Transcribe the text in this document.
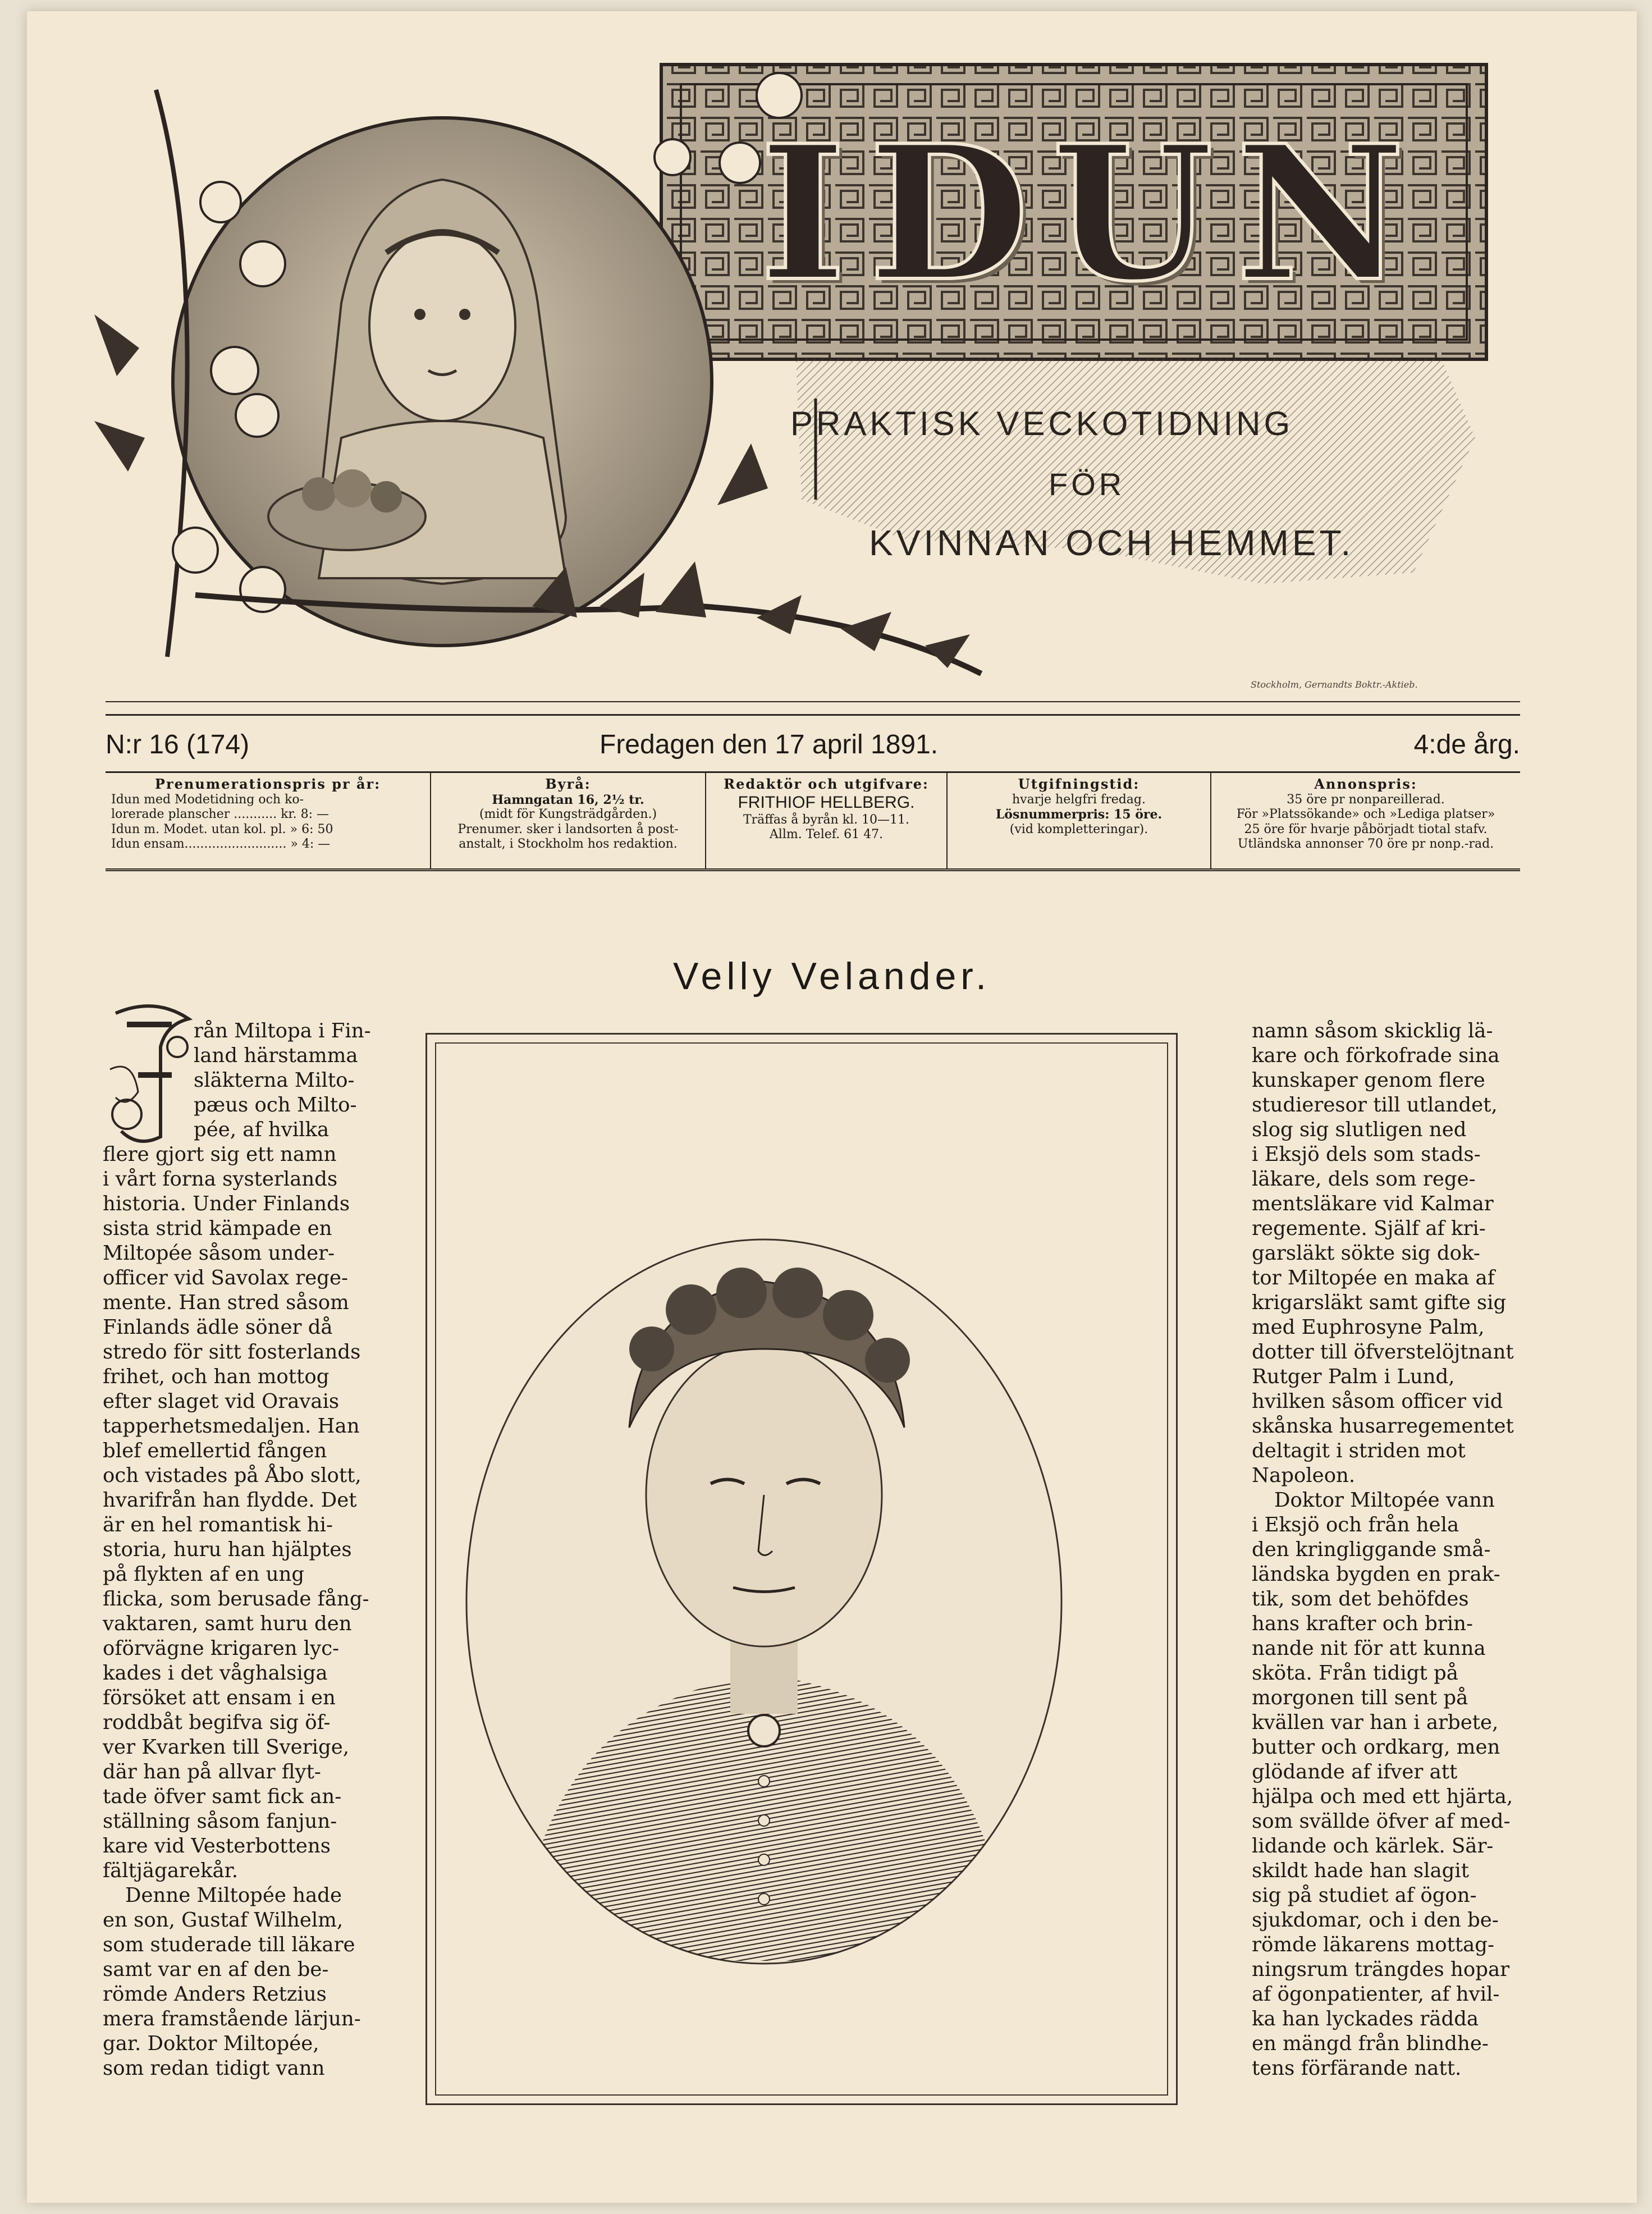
IDUN
PRAKTISK VECKOTIDNING
FÖR
KVINNAN OCH HEMMET.
Stockholm, Gernandts Boktr.-Aktieb.
N:r 16 (174)	Fredagen den 17 april 1891.	4:de årg.
Prenumerationspris pr år:
Idun med Modetidning och ko-
lorerade planscher ........... kr. 8: —
Idun m. Modet. utan kol. pl. » 6: 50
Idun ensam.......................... » 4: —
Byrå:
Hamngatan 16, 2½ tr.
(midt för Kungsträdgården.)
Prenumer. sker i landsorten å post-
anstalt, i Stockholm hos redaktion.
Redaktör och utgifvare:
FRITHIOF HELLBERG.
Träffas å byrån kl. 10—11.
Allm. Telef. 61 47.
Utgifningstid:
hvarje helgfri fredag.
Lösnummerpris: 15 öre.
(vid kompletteringar).
Annonspris:
35 öre pr nonpareillerad.
För »Platssökande» och »Lediga platser»
25 öre för hvarje påbörjadt tiotal stafv.
Utländska annonser 70 öre pr nonp.-rad.
Velly Velander.
rån Miltopa i Fin-
land härstamma
släkterna Milto-
pæus och Milto-
pée, af hvilka
flere gjort sig ett namn
i vårt forna systerlands
historia. Under Finlands
sista strid kämpade en
Miltopée såsom under-
officer vid Savolax rege-
mente. Han stred såsom
Finlands ädle söner då
stredo för sitt fosterlands
frihet, och han mottog
efter slaget vid Oravais
tapperhetsmedaljen. Han
blef emellertid fången
och vistades på Åbo slott,
hvarifrån han flydde. Det
är en hel romantisk hi-
storia, huru han hjälptes
på flykten af en ung
flicka, som berusade fång-
vaktaren, samt huru den
oförvägne krigaren lyc-
kades i det våghalsiga
försöket att ensam i en
roddbåt begifva sig öf-
ver Kvarken till Sverige,
där han på allvar flyt-
tade öfver samt fick an-
ställning såsom fanjun-
kare vid Vesterbottens
fältjägarekår.
Denne Miltopée hade
en son, Gustaf Wilhelm,
som studerade till läkare
samt var en af den be-
römde Anders Retzius
mera framstående lärjun-
gar. Doktor Miltopée,
som redan tidigt vann
namn såsom skicklig lä-
kare och förkofrade sina
kunskaper genom flere
studieresor till utlandet,
slog sig slutligen ned
i Eksjö dels som stads-
läkare, dels som rege-
mentsläkare vid Kalmar
regemente. Själf af kri-
garsläkt sökte sig dok-
tor Miltopée en maka af
krigarsläkt samt gifte sig
med Euphrosyne Palm,
dotter till öfverstelöjtnant
Rutger Palm i Lund,
hvilken såsom officer vid
skånska husarregementet
deltagit i striden mot
Napoleon.
Doktor Miltopée vann
i Eksjö och från hela
den kringliggande små-
ländska bygden en prak-
tik, som det behöfdes
hans krafter och brin-
nande nit för att kunna
sköta. Från tidigt på
morgonen till sent på
kvällen var han i arbete,
butter och ordkarg, men
glödande af ifver att
hjälpa och med ett hjärta,
som svällde öfver af med-
lidande och kärlek. Sär-
skildt hade han slagit
sig på studiet af ögon-
sjukdomar, och i den be-
römde läkarens mottag-
ningsrum trängdes hopar
af ögonpatienter, af hvil-
ka han lyckades rädda
en mängd från blindhe-
tens förfärande natt.
